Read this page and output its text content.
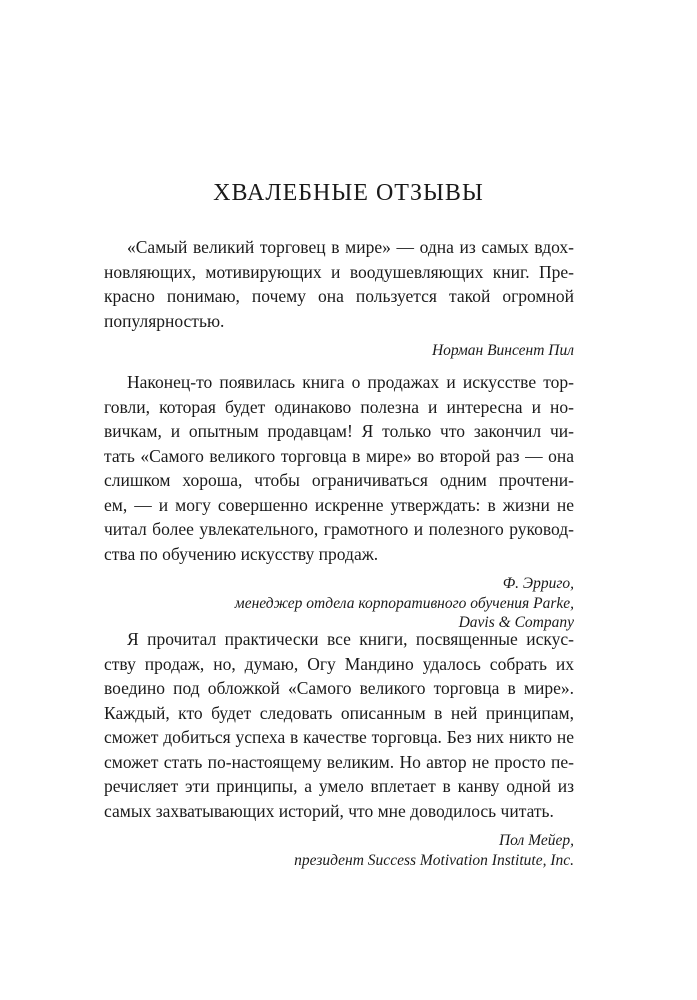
ХВАЛЕБНЫЕ ОТЗЫВЫ

«Самый великий торговец в мире» — одна из самых вдох-
новляющих, мотивирующих и воодушевляющих книг. Пре-
красно понимаю, почему она пользуется такой огромной
популярностью.

Норман Винсент Пил

Наконец-то появилась книга о продажах и искусстве тор-
говли, которая будет одинаково полезна и интересна и но-
вичкам, и опытным продавцам! Я только что закончил чи-
тать «Самого великого торговца в мире» во второй раз — она
слишком хороша, чтобы ограничиваться одним прочтени-
ем, — и могу совершенно искренне утверждать: в жизни не
читал более увлекательного, грамотного и полезного руковод-
ства по обучению искусству продаж.

Ф. Эрриго,
менеджер отдела корпоративного обучения Parke,
Davis & Company

Я прочитал практически все книги, посвященные искус-
ству продаж, но, думаю, Огу Мандино удалось собрать их
воедино под обложкой «Самого великого торговца в мире».
Каждый, кто будет следовать описанным в ней принципам,
сможет добиться успеха в качестве торговца. Без них никто не
сможет стать по-настоящему великим. Но автор не просто пе-
речисляет эти принципы, а умело вплетает в канву одной из
самых захватывающих историй, что мне доводилось читать.

Пол Мейер,
президент Success Motivation Institute, Inc.
